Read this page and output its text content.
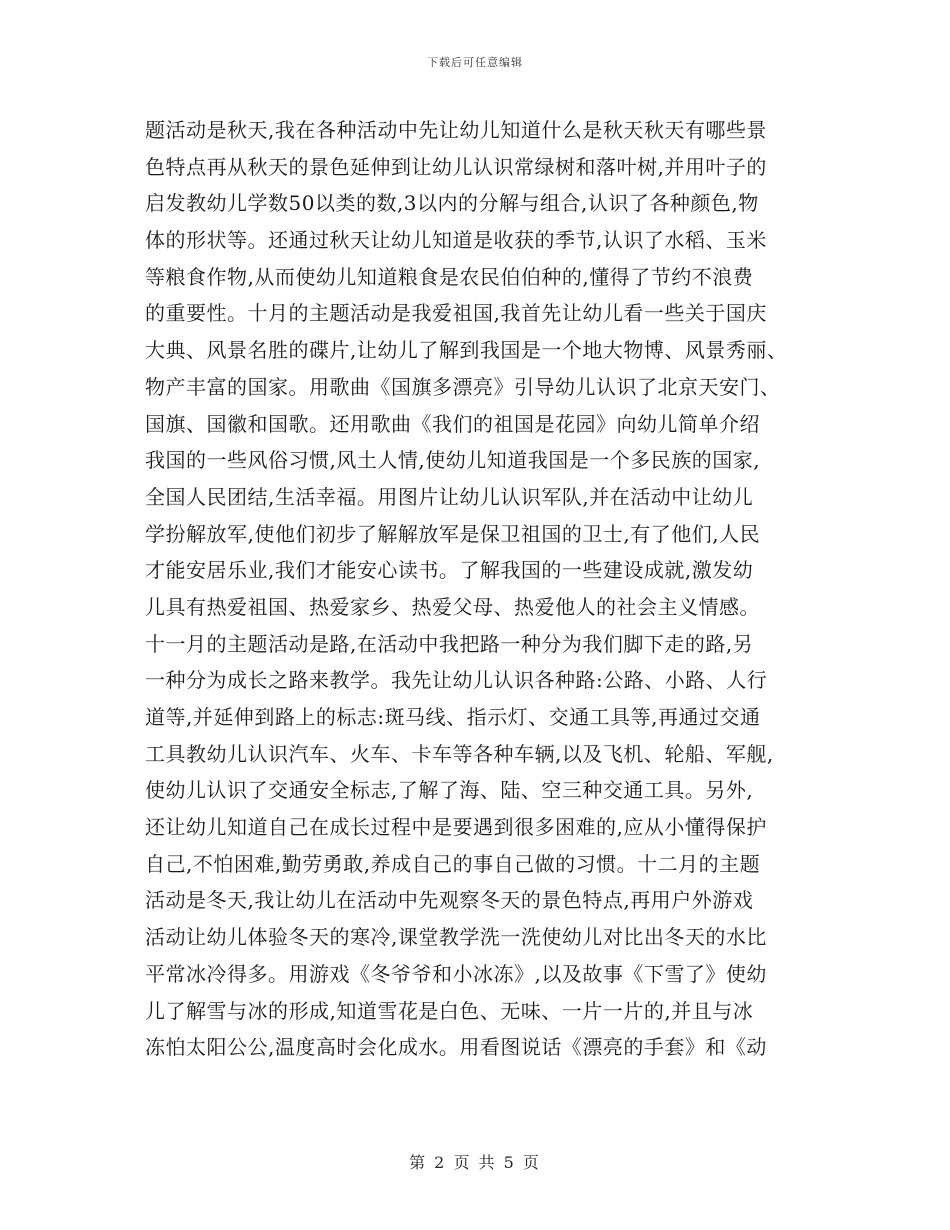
下载后可任意编辑
题活动是秋天,我在各种活动中先让幼儿知道什么是秋天秋天有哪些景
色特点再从秋天的景色延伸到让幼儿认识常绿树和落叶树,并用叶子的
启发教幼儿学数50以类的数,3以内的分解与组合,认识了各种颜色,物
体的形状等。还通过秋天让幼儿知道是收获的季节,认识了水稻、玉米
等粮食作物,从而使幼儿知道粮食是农民伯伯种的,懂得了节约不浪费
的重要性。十月的主题活动是我爱祖国,我首先让幼儿看一些关于国庆
大典、风景名胜的碟片,让幼儿了解到我国是一个地大物博、风景秀丽、
物产丰富的国家。用歌曲《国旗多漂亮》引导幼儿认识了北京天安门、
国旗、国徽和国歌。还用歌曲《我们的祖国是花园》向幼儿简单介绍
我国的一些风俗习惯,风土人情,使幼儿知道我国是一个多民族的国家,
全国人民团结,生活幸福。用图片让幼儿认识军队,并在活动中让幼儿
学扮解放军,使他们初步了解解放军是保卫祖国的卫士,有了他们,人民
才能安居乐业,我们才能安心读书。了解我国的一些建设成就,激发幼
儿具有热爱祖国、热爱家乡、热爱父母、热爱他人的社会主义情感。
十一月的主题活动是路,在活动中我把路一种分为我们脚下走的路,另
一种分为成长之路来教学。我先让幼儿认识各种路:公路、小路、人行
道等,并延伸到路上的标志:斑马线、指示灯、交通工具等,再通过交通
工具教幼儿认识汽车、火车、卡车等各种车辆,以及飞机、轮船、军舰,
使幼儿认识了交通安全标志,了解了海、陆、空三种交通工具。另外,
还让幼儿知道自己在成长过程中是要遇到很多困难的,应从小懂得保护
自己,不怕困难,勤劳勇敢,养成自己的事自己做的习惯。十二月的主题
活动是冬天,我让幼儿在活动中先观察冬天的景色特点,再用户外游戏
活动让幼儿体验冬天的寒冷,课堂教学洗一洗使幼儿对比出冬天的水比
平常冰冷得多。用游戏《冬爷爷和小冰冻》,以及故事《下雪了》使幼
儿了解雪与冰的形成,知道雪花是白色、无味、一片一片的,并且与冰
冻怕太阳公公,温度高时会化成水。用看图说话《漂亮的手套》和《动
第 2 页 共 5 页
